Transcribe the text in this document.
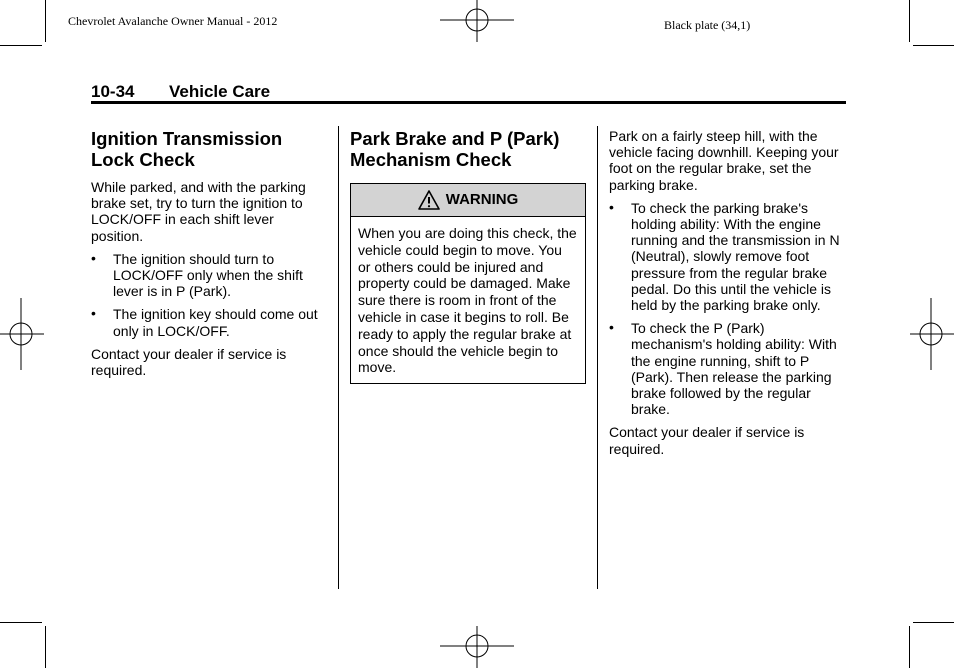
Chevrolet Avalanche Owner Manual - 2012	Black plate (34,1)
10-34 Vehicle Care
Ignition Transmission Lock Check

While parked, and with the parking brake set, try to turn the ignition to LOCK/OFF in each shift lever position.

• The ignition should turn to LOCK/OFF only when the shift lever is in P (Park).
• The ignition key should come out only in LOCK/OFF.

Contact your dealer if service is required.

Park Brake and P (Park) Mechanism Check
WARNING
When you are doing this check, the vehicle could begin to move. You or others could be injured and property could be damaged. Make sure there is room in front of the vehicle in case it begins to roll. Be ready to apply the regular brake at once should the vehicle begin to move.

Park on a fairly steep hill, with the vehicle facing downhill. Keeping your foot on the regular brake, set the parking brake.

• To check the parking brake's holding ability: With the engine running and the transmission in N (Neutral), slowly remove foot pressure from the regular brake pedal. Do this until the vehicle is held by the parking brake only.
• To check the P (Park) mechanism's holding ability: With the engine running, shift to P (Park). Then release the parking brake followed by the regular brake.

Contact your dealer if service is required.
